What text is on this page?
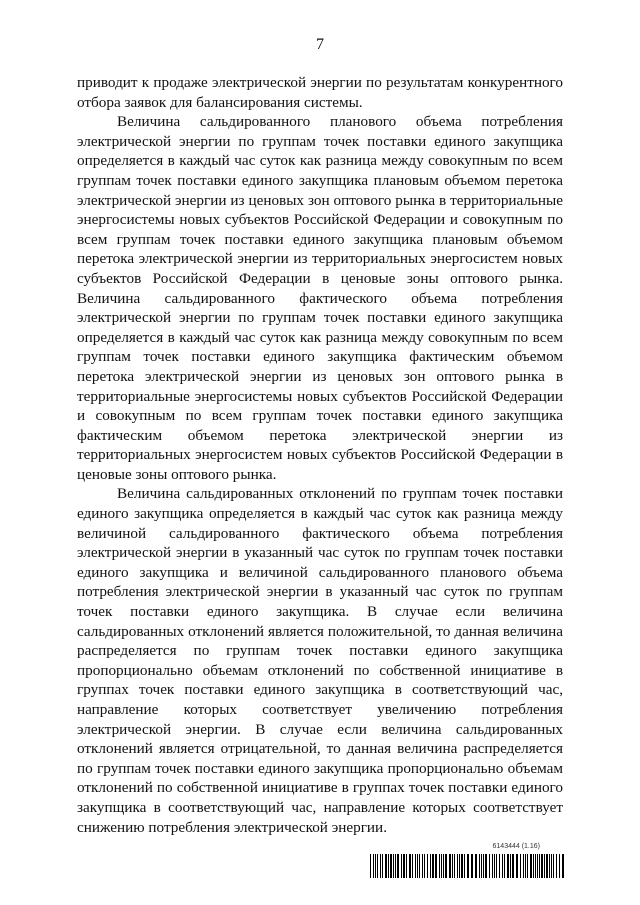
7

приводит к продаже электрической энергии по результатам конкурентного отбора заявок для балансирования системы.

Величина сальдированного планового объема потребления электрической энергии по группам точек поставки единого закупщика определяется в каждый час суток как разница между совокупным по всем группам точек поставки единого закупщика плановым объемом перетока электрической энергии из ценовых зон оптового рынка в территориальные энергосистемы новых субъектов Российской Федерации и совокупным по всем группам точек поставки единого закупщика плановым объемом перетока электрической энергии из территориальных энергосистем новых субъектов Российской Федерации в ценовые зоны оптового рынка. Величина сальдированного фактического объема потребления электрической энергии по группам точек поставки единого закупщика определяется в каждый час суток как разница между совокупным по всем группам точек поставки единого закупщика фактическим объемом перетока электрической энергии из ценовых зон оптового рынка в территориальные энергосистемы новых субъектов Российской Федерации и совокупным по всем группам точек поставки единого закупщика фактическим объемом перетока электрической энергии из территориальных энергосистем новых субъектов Российской Федерации в ценовые зоны оптового рынка.

Величина сальдированных отклонений по группам точек поставки единого закупщика определяется в каждый час суток как разница между величиной сальдированного фактического объема потребления электрической энергии в указанный час суток по группам точек поставки единого закупщика и величиной сальдированного планового объема потребления электрической энергии в указанный час суток по группам точек поставки единого закупщика. В случае если величина сальдированных отклонений является положительной, то данная величина распределяется по группам точек поставки единого закупщика пропорционально объемам отклонений по собственной инициативе в группах точек поставки единого закупщика в соответствующий час, направление которых соответствует увеличению потребления электрической энергии. В случае если величина сальдированных отклонений является отрицательной, то данная величина распределяется по группам точек поставки единого закупщика пропорционально объемам отклонений по собственной инициативе в группах точек поставки единого закупщика в соответствующий час, направление которых соответствует снижению потребления электрической энергии.

6143444 (1.16)
